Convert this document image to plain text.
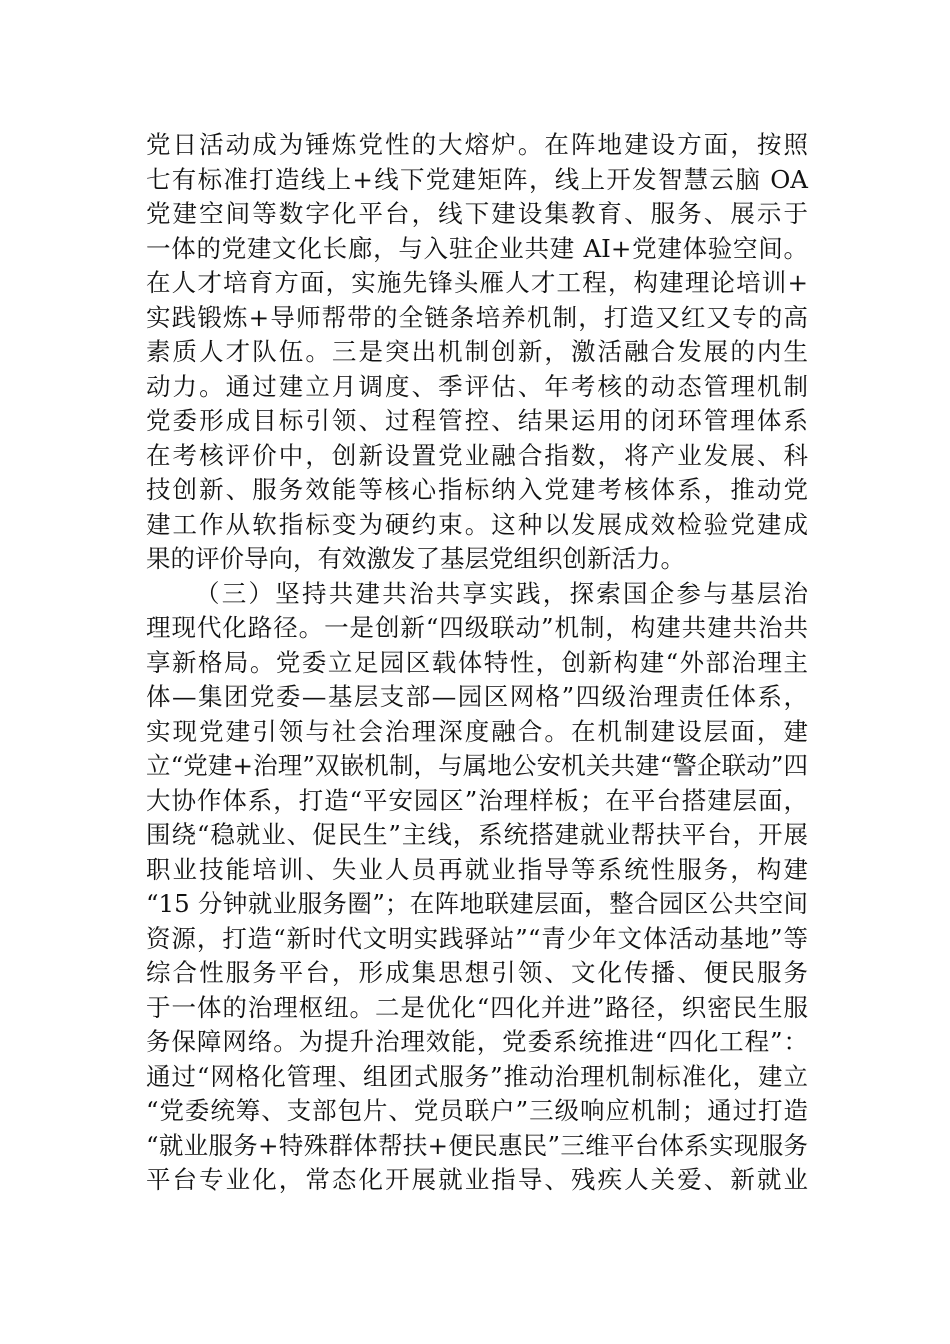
党日活动成为锤炼党性的大熔炉。在阵地建设方面，按照
七有标准打造线上+线下党建矩阵，线上开发智慧云脑 OA
党建空间等数字化平台，线下建设集教育、服务、展示于
一体的党建文化长廊，与入驻企业共建 AI+党建体验空间。
在人才培育方面，实施先锋头雁人才工程，构建理论培训+
实践锻炼+导师帮带的全链条培养机制，打造又红又专的高
素质人才队伍。三是突出机制创新，激活融合发展的内生
动力。通过建立月调度、季评估、年考核的动态管理机制
党委形成目标引领、过程管控、结果运用的闭环管理体系
在考核评价中，创新设置党业融合指数，将产业发展、科
技创新、服务效能等核心指标纳入党建考核体系，推动党
建工作从软指标变为硬约束。这种以发展成效检验党建成
果的评价导向，有效激发了基层党组织创新活力。
（三）坚持共建共治共享实践，探索国企参与基层治
理现代化路径。一是创新“四级联动”机制，构建共建共治共
享新格局。党委立足园区载体特性，创新构建“外部治理主
体—集团党委—基层支部—园区网格”四级治理责任体系，
实现党建引领与社会治理深度融合。在机制建设层面，建
立“党建+治理”双嵌机制，与属地公安机关共建“警企联动”四
大协作体系，打造“平安园区”治理样板；在平台搭建层面，
围绕“稳就业、促民生”主线，系统搭建就业帮扶平台，开展
职业技能培训、失业人员再就业指导等系统性服务，构建
“15 分钟就业服务圈”；在阵地联建层面，整合园区公共空间
资源，打造“新时代文明实践驿站”“青少年文体活动基地”等
综合性服务平台，形成集思想引领、文化传播、便民服务
于一体的治理枢纽。二是优化“四化并进”路径，织密民生服
务保障网络。为提升治理效能，党委系统推进“四化工程”：
通过“网格化管理、组团式服务”推动治理机制标准化，建立
“党委统筹、支部包片、党员联户”三级响应机制；通过打造
“就业服务+特殊群体帮扶+便民惠民”三维平台体系实现服务
平台专业化，常态化开展就业指导、残疾人关爱、新就业
